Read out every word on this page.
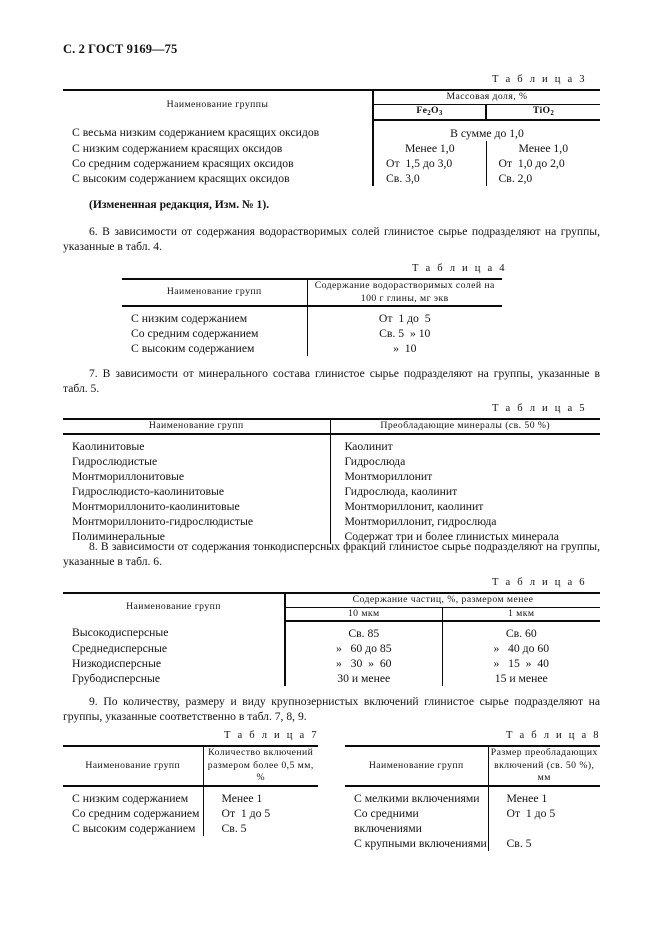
С. 2 ГОСТ 9169—75
Т а б л и ц а 3
Наименование группы	Массовая доля, %	
	$Fe_2O_3$	TiO$_2$
С весьма низким содержанием красящих оксидов	В сумме до 1,0	
С низким содержанием красящих оксидов	Менее 1,0	Менее 1,0
Со средним содержанием красящих оксидов	От  1,5 до 3,0	От  1,0 до 2,0
С высоким содержанием красящих оксидов	Св. 3,0	Св. 2,0
(Измененная редакция, Изм. № 1).
6. В зависимости от содержания водорастворимых солей глинистое сырье подразделяют на группы, указанные в табл. 4.
Т а б л и ц а 4
Наименование групп	Содержание водорастворимых солей на
100 г глины, мг экв

С низким содержанием	От  1 до  5
Со средним содержанием	Св. 5  » 10
С высоким содержанием	»  10
7. В зависимости от минерального состава глинистое сырье подразделяют на группы, указанные в табл. 5.
Т а б л и ц а 5
Наименование групп	Преобладающие минералы (св. 50 %)
Каолинитовые	Каолинит
Гидрослюдистые	Гидрослюда
Монтмориллонитовые	Монтмориллонит
Гидрослюдисто-каолинитовые	Гидрослюда, каолинит
Монтмориллонито-каолинитовые	Монтмориллонит, каолинит
Монтмориллонито-гидрослюдистые	Монтмориллонит, гидрослюда
Полиминеральные	Содержат три и более глинистых минерала
8. В зависимости от содержания тонкодисперсных фракций глинистое сырье подразделяют на группы, указанные в табл. 6.
Т а б л и ц а 6
Наименование групп	Содержание частиц, %, размером менее	
	10 мкм	1 мкм
Высокодисперсные	Св. 85	Св. 60
Среднедисперсные	»   60 до 85	»   40 до 60
Низкодисперсные	»   30  »  60	»   15  »  40
Грубодисперсные	30 и менее	15 и менее
9. По количеству, размеру и виду крупнозернистых включений глинистое сырье подразделяют на группы, указанные соответственно в табл. 7, 8, 9.
Т а б л и ц а 7
Наименование групп	Количество включений
размером более 0,5 мм, %

С низким содержанием	Менее 1
Со средним содержанием	От  1 до 5
С высоким содержанием	Св. 5
Т а б л и ц а 8
Наименование групп	Размер преобладающих
включений (св. 50 %), мм

С мелкими включениями	Менее 1
Со средними включениями	От  1 до 5
С крупными включениями	Св. 5
